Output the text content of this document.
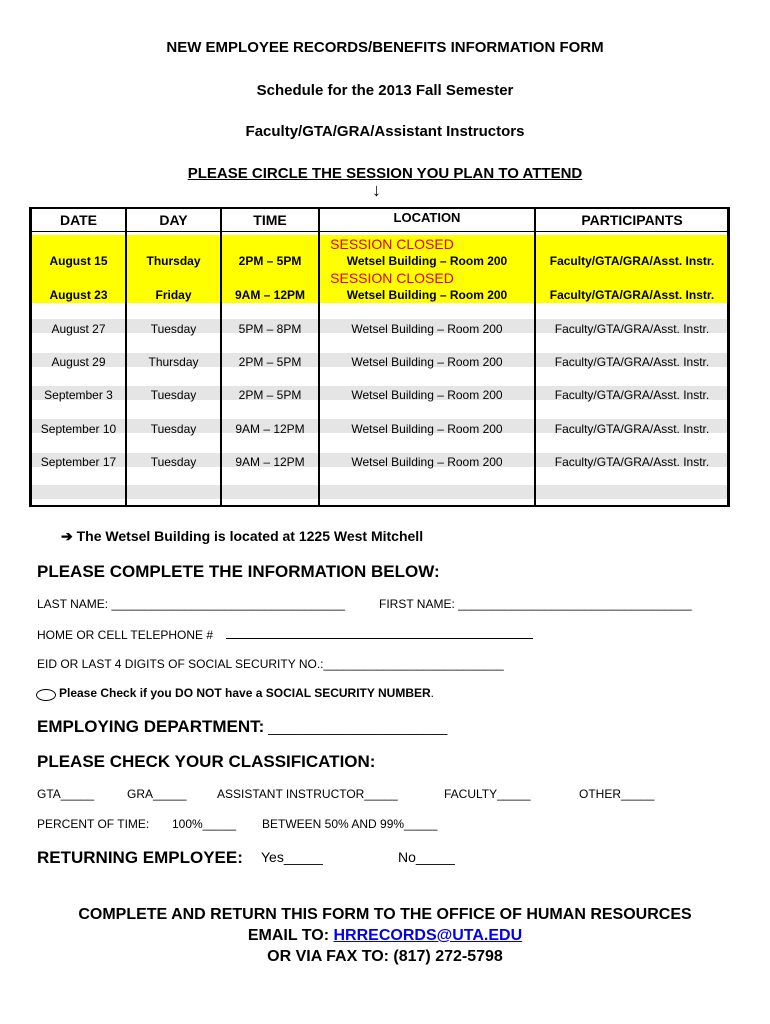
NEW EMPLOYEE RECORDS/BENEFITS INFORMATION FORM
Schedule for the 2013 Fall Semester
Faculty/GTA/GRA/Assistant Instructors
PLEASE CIRCLE THE SESSION YOU PLAN TO ATTEND
↓
DATE	DAY	TIME	LOCATION	PARTICIPANTS
SESSION CLOSED
August 15	Thursday	2PM – 5PM	Wetsel Building – Room 200	Faculty/GTA/GRA/Asst. Instr.
SESSION CLOSED
August 23	Friday	9AM – 12PM	Wetsel Building – Room 200	Faculty/GTA/GRA/Asst. Instr.
August 27	Tuesday	5PM – 8PM	Wetsel Building – Room 200	Faculty/GTA/GRA/Asst. Instr.
August 29	Thursday	2PM – 5PM	Wetsel Building – Room 200	Faculty/GTA/GRA/Asst. Instr.
September 3	Tuesday	2PM – 5PM	Wetsel Building – Room 200	Faculty/GTA/GRA/Asst. Instr.
September 10	Tuesday	9AM – 12PM	Wetsel Building – Room 200	Faculty/GTA/GRA/Asst. Instr.
September 17	Tuesday	9AM – 12PM	Wetsel Building – Room 200	Faculty/GTA/GRA/Asst. Instr.
➔ The Wetsel Building is located at 1225 West Mitchell
PLEASE COMPLETE THE INFORMATION BELOW:
LAST NAME: ___________________________________	FIRST NAME: ___________________________________
HOME OR CELL TELEPHONE #
EID OR LAST 4 DIGITS OF SOCIAL SECURITY NO.:___________________________
Please Check if you DO NOT have a SOCIAL SECURITY NUMBER.
EMPLOYING DEPARTMENT: _______________________
PLEASE CHECK YOUR CLASSIFICATION:
GTA_____	GRA_____	ASSISTANT INSTRUCTOR_____	FACULTY_____	OTHER_____
PERCENT OF TIME: 100%_____ BETWEEN 50% AND 99%_____
RETURNING EMPLOYEE: Yes_____	No_____
COMPLETE AND RETURN THIS FORM TO THE OFFICE OF HUMAN RESOURCES
EMAIL TO: HRRECORDS@UTA.EDU
OR VIA FAX TO: (817) 272-5798
